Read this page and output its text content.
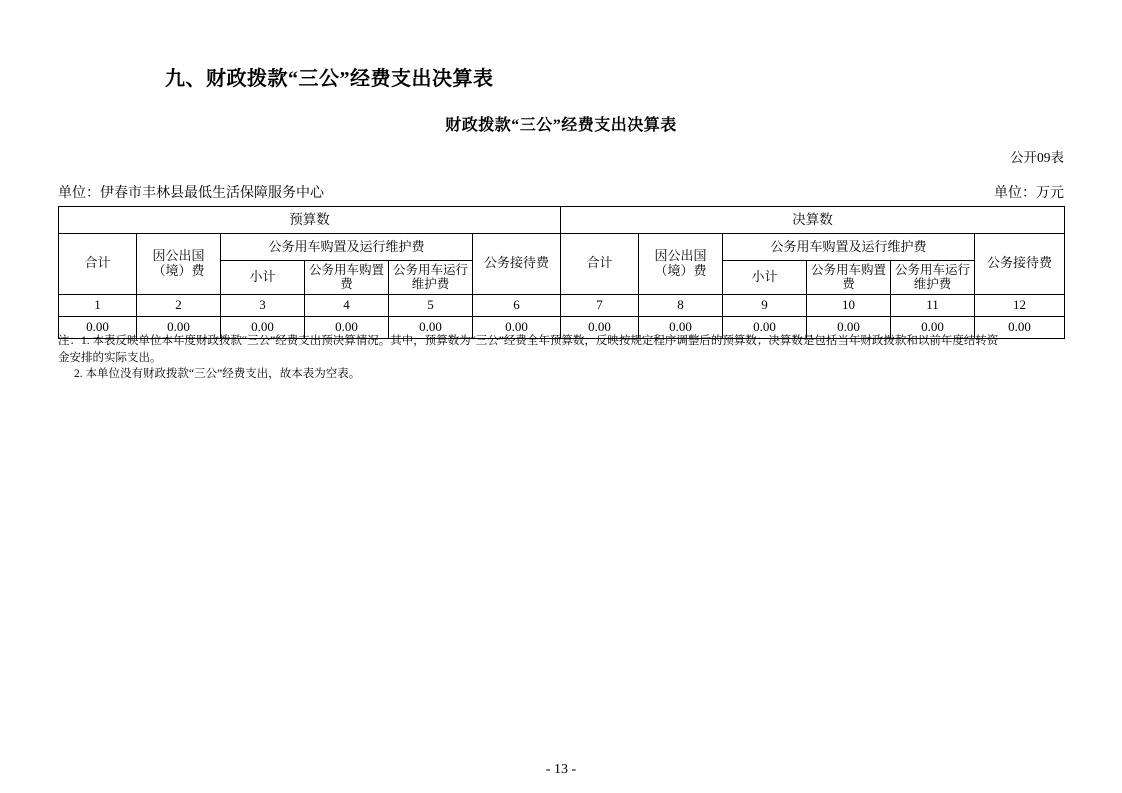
九、财政拨款“三公”经费支出决算表
财政拨款“三公”经费支出决算表
公开09表
单位：伊春市丰林县最低生活保障服务中心	单位：万元
预算数						决算数					
合计	因公出国（境）费	公务用车购置及运行维护费			公务接待费	合计	因公出国（境）费	公务用车购置及运行维护费			公务接待费
		小计	公务用车购置费	公务用车运行维护费				小计	公务用车购置费	公务用车运行维护费	
1	2	3	4	5	6	7	8	9	10	11	12
0.00	0.00	0.00	0.00	0.00	0.00	0.00	0.00	0.00	0.00	0.00	0.00

注：1. 本表反映单位本年度财政拨款“三公”经费支出预决算情况。其中，预算数为“三公”经费全年预算数，反映按规定程序调整后的预算数；决算数是包括当年财政拨款和以前年度结转资

金安排的实际支出。

2. 本单位没有财政拨款“三公”经费支出，故本表为空表。

- 13 -
